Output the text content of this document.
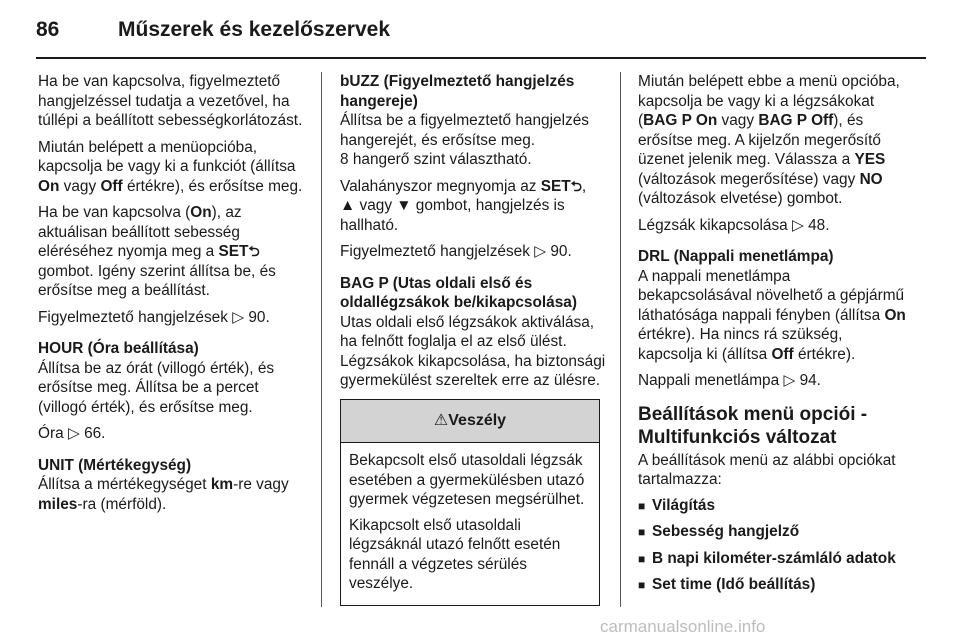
86	Műszerek és kezelőszervek

Ha be van kapcsolva, figyelmeztető hangjelzéssel tudatja a vezetővel, ha túllépi a beállított sebességkorlátozást.

Miután belépett a menüopcióba, kapcsolja be vagy ki a funkciót (állítsa On vagy Off értékre), és erősítse meg.

Ha be van kapcsolva (On), az aktuálisan beállított sebesség eléréséhez nyomja meg a SET⮌ gombot. Igény szerint állítsa be, és erősítse meg a beállítást.

Figyelmeztető hangjelzések ▷ 90.

HOUR (Óra beállítása)

Állítsa be az órát (villogó érték), és erősítse meg. Állítsa be a percet (villogó érték), és erősítse meg.

Óra ▷ 66.

UNIT (Mértékegység)

Állítsa a mértékegységet km-re vagy miles-ra (mérföld).

bUZZ (Figyelmeztető hangjelzés hangereje)

Állítsa be a figyelmeztető hangjelzés hangerejét, és erősítse meg.

8 hangerő szint választható.

Valahányszor megnyomja az SET⮌,
▲ vagy ▼ gombot, hangjelzés is hallható.

Figyelmeztető hangjelzések ▷ 90.

BAG P (Utas oldali első és oldallégzsákok be/kikapcsolása)

Utas oldali első légzsákok aktiválása, ha felnőtt foglalja el az első ülést. Légzsákok kikapcsolása, ha biztonsági gyermekülést szereltek erre az ülésre.

⚠Veszély

Bekapcsolt első utasoldali légzsák esetében a gyermekülésben utazó gyermek végzetesen megsérülhet.

Kikapcsolt első utasoldali légzsáknál utazó felnőtt esetén fennáll a végzetes sérülés veszélye.

Miután belépett ebbe a menü opcióba, kapcsolja be vagy ki a légzsákokat (BAG P On vagy BAG P Off), és erősítse meg. A kijelzőn megerősítő üzenet jelenik meg. Válassza a YES (változások megerősítése) vagy NO (változások elvetése) gombot.

Légzsák kikapcsolása ▷ 48.

DRL (Nappali menetlámpa)

A nappali menetlámpa bekapcsolásával növelhető a gépjármű láthatósága nappali fényben (állítsa On értékre). Ha nincs rá szükség, kapcsolja ki (állítsa Off értékre).

Nappali menetlámpa ▷ 94.

Beállítások menü opciói - Multifunkciós változat

A beállítások menü az alábbi opciókat tartalmazza:

■ Világítás
■ Sebesség hangjelző
■ B napi kilométer-számláló adatok
■ Set time (Idő beállítás)
carmanualsonline.info
